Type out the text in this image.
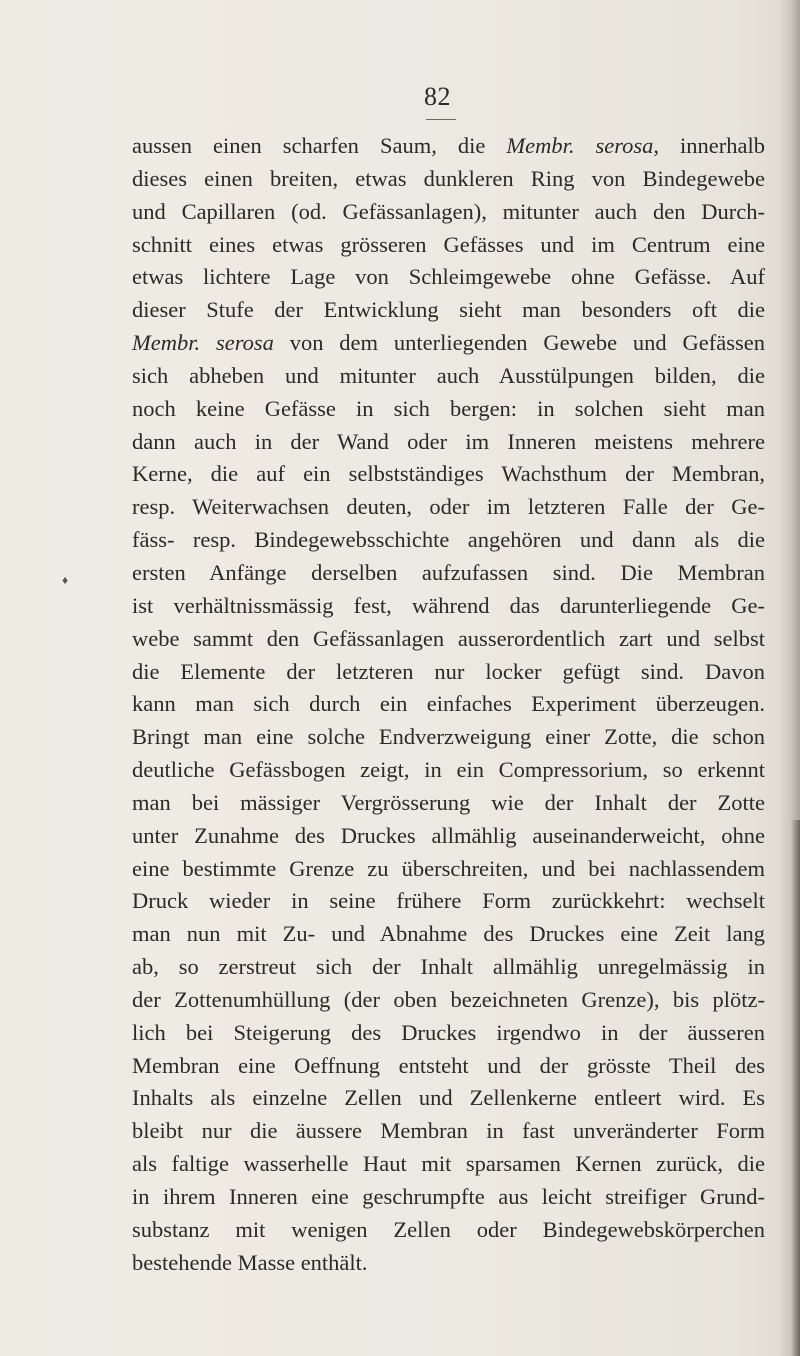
82
♦
aussen einen scharfen Saum, die Membr. serosa, innerhalb
dieses einen breiten, etwas dunkleren Ring von Bindegewebe
und Capillaren (od. Gefässanlagen), mitunter auch den Durch-
schnitt eines etwas grösseren Gefässes und im Centrum eine
etwas lichtere Lage von Schleimgewebe ohne Gefässe. Auf
dieser Stufe der Entwicklung sieht man besonders oft die
Membr. serosa von dem unterliegenden Gewebe und Gefässen
sich abheben und mitunter auch Ausstülpungen bilden, die
noch keine Gefässe in sich bergen: in solchen sieht man
dann auch in der Wand oder im Inneren meistens mehrere
Kerne, die auf ein selbstständiges Wachsthum der Membran,
resp. Weiterwachsen deuten, oder im letzteren Falle der Ge-
fäss- resp. Bindegewebsschichte angehören und dann als die
ersten Anfänge derselben aufzufassen sind. Die Membran
ist verhältnissmässig fest, während das darunterliegende Ge-
webe sammt den Gefässanlagen ausserordentlich zart und selbst
die Elemente der letzteren nur locker gefügt sind. Davon
kann man sich durch ein einfaches Experiment überzeugen.
Bringt man eine solche Endverzweigung einer Zotte, die schon
deutliche Gefässbogen zeigt, in ein Compressorium, so erkennt
man bei mässiger Vergrösserung wie der Inhalt der Zotte
unter Zunahme des Druckes allmählig auseinanderweicht, ohne
eine bestimmte Grenze zu überschreiten, und bei nachlassendem
Druck wieder in seine frühere Form zurückkehrt: wechselt
man nun mit Zu- und Abnahme des Druckes eine Zeit lang
ab, so zerstreut sich der Inhalt allmählig unregelmässig in
der Zottenumhüllung (der oben bezeichneten Grenze), bis plötz-
lich bei Steigerung des Druckes irgendwo in der äusseren
Membran eine Oeffnung entsteht und der grösste Theil des
Inhalts als einzelne Zellen und Zellenkerne entleert wird. Es
bleibt nur die äussere Membran in fast unveränderter Form
als faltige wasserhelle Haut mit sparsamen Kernen zurück, die
in ihrem Inneren eine geschrumpfte aus leicht streifiger Grund-
substanz mit wenigen Zellen oder Bindegewebskörperchen
bestehende Masse enthält.
